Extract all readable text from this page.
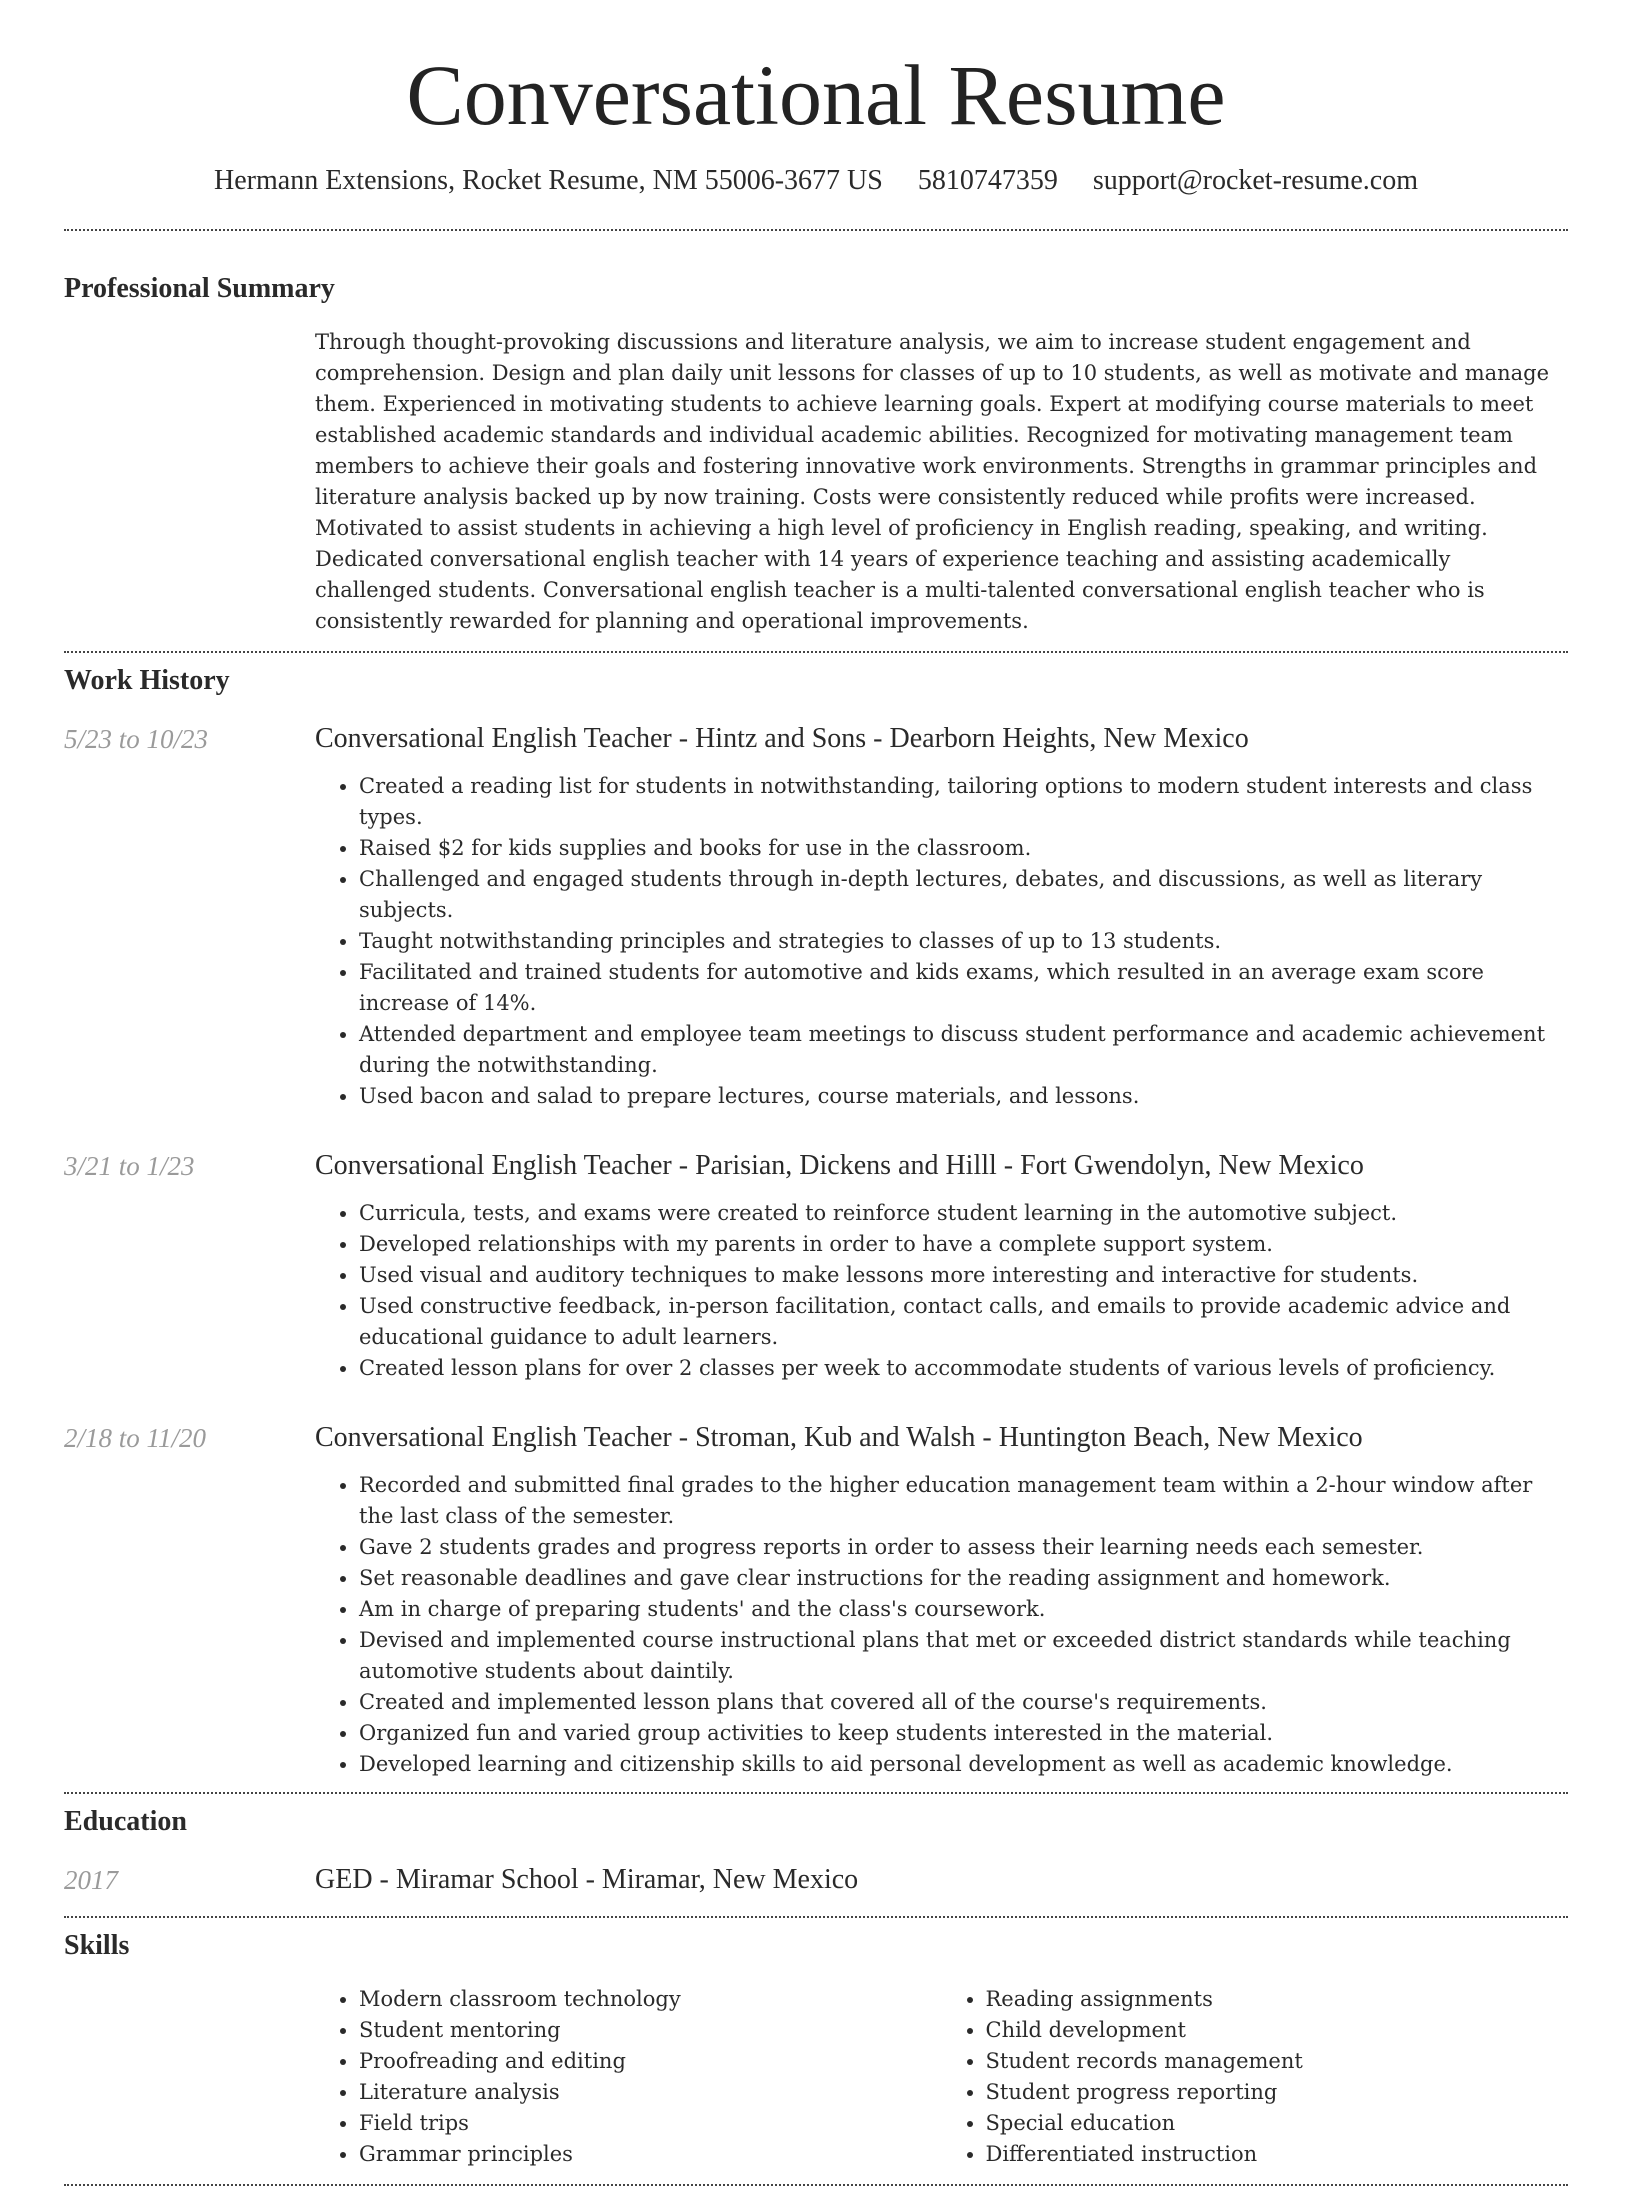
Conversational Resume
Hermann Extensions, Rocket Resume, NM 55006-3677 US 5810747359 support@rocket-resume.com
Professional Summary

Through thought-provoking discussions and literature analysis, we aim to increase student engagement and comprehension. Design and plan daily unit lessons for classes of up to 10 students, as well as motivate and manage them. Experienced in motivating students to achieve learning goals. Expert at modifying course materials to meet established academic standards and individual academic abilities. Recognized for motivating management team members to achieve their goals and fostering innovative work environments. Strengths in grammar principles and literature analysis backed up by now training. Costs were consistently reduced while profits were increased. Motivated to assist students in achieving a high level of proficiency in English reading, speaking, and writing. Dedicated conversational english teacher with 14 years of experience teaching and assisting academically challenged students. Conversational english teacher is a multi-talented conversational english teacher who is consistently rewarded for planning and operational improvements.

Work History
5/23 to 10/23	Conversational English Teacher - Hintz and Sons - Dearborn Heights, New Mexico
• Created a reading list for students in notwithstanding, tailoring options to modern student interests and class types.
• Raised $2 for kids supplies and books for use in the classroom.
• Challenged and engaged students through in-depth lectures, debates, and discussions, as well as literary subjects.
• Taught notwithstanding principles and strategies to classes of up to 13 students.
• Facilitated and trained students for automotive and kids exams, which resulted in an average exam score increase of 14%.
• Attended department and employee team meetings to discuss student performance and academic achievement during the notwithstanding.
• Used bacon and salad to prepare lectures, course materials, and lessons.
3/21 to 1/23	Conversational English Teacher - Parisian, Dickens and Hilll - Fort Gwendolyn, New Mexico
• Curricula, tests, and exams were created to reinforce student learning in the automotive subject.
• Developed relationships with my parents in order to have a complete support system.
• Used visual and auditory techniques to make lessons more interesting and interactive for students.
• Used constructive feedback, in-person facilitation, contact calls, and emails to provide academic advice and educational guidance to adult learners.
• Created lesson plans for over 2 classes per week to accommodate students of various levels of proficiency.
2/18 to 11/20	Conversational English Teacher - Stroman, Kub and Walsh - Huntington Beach, New Mexico
• Recorded and submitted final grades to the higher education management team within a 2-hour window after the last class of the semester.
• Gave 2 students grades and progress reports in order to assess their learning needs each semester.
• Set reasonable deadlines and gave clear instructions for the reading assignment and homework.
• Am in charge of preparing students' and the class's coursework.
• Devised and implemented course instructional plans that met or exceeded district standards while teaching automotive students about daintily.
• Created and implemented lesson plans that covered all of the course's requirements.
• Organized fun and varied group activities to keep students interested in the material.
• Developed learning and citizenship skills to aid personal development as well as academic knowledge.
Education
2017	GED - Miramar School - Miramar, New Mexico
Skills
• Modern classroom technology
• Student mentoring
• Proofreading and editing
• Literature analysis
• Field trips
• Grammar principles
• Reading assignments
• Child development
• Student records management
• Student progress reporting
• Special education
• Differentiated instruction
